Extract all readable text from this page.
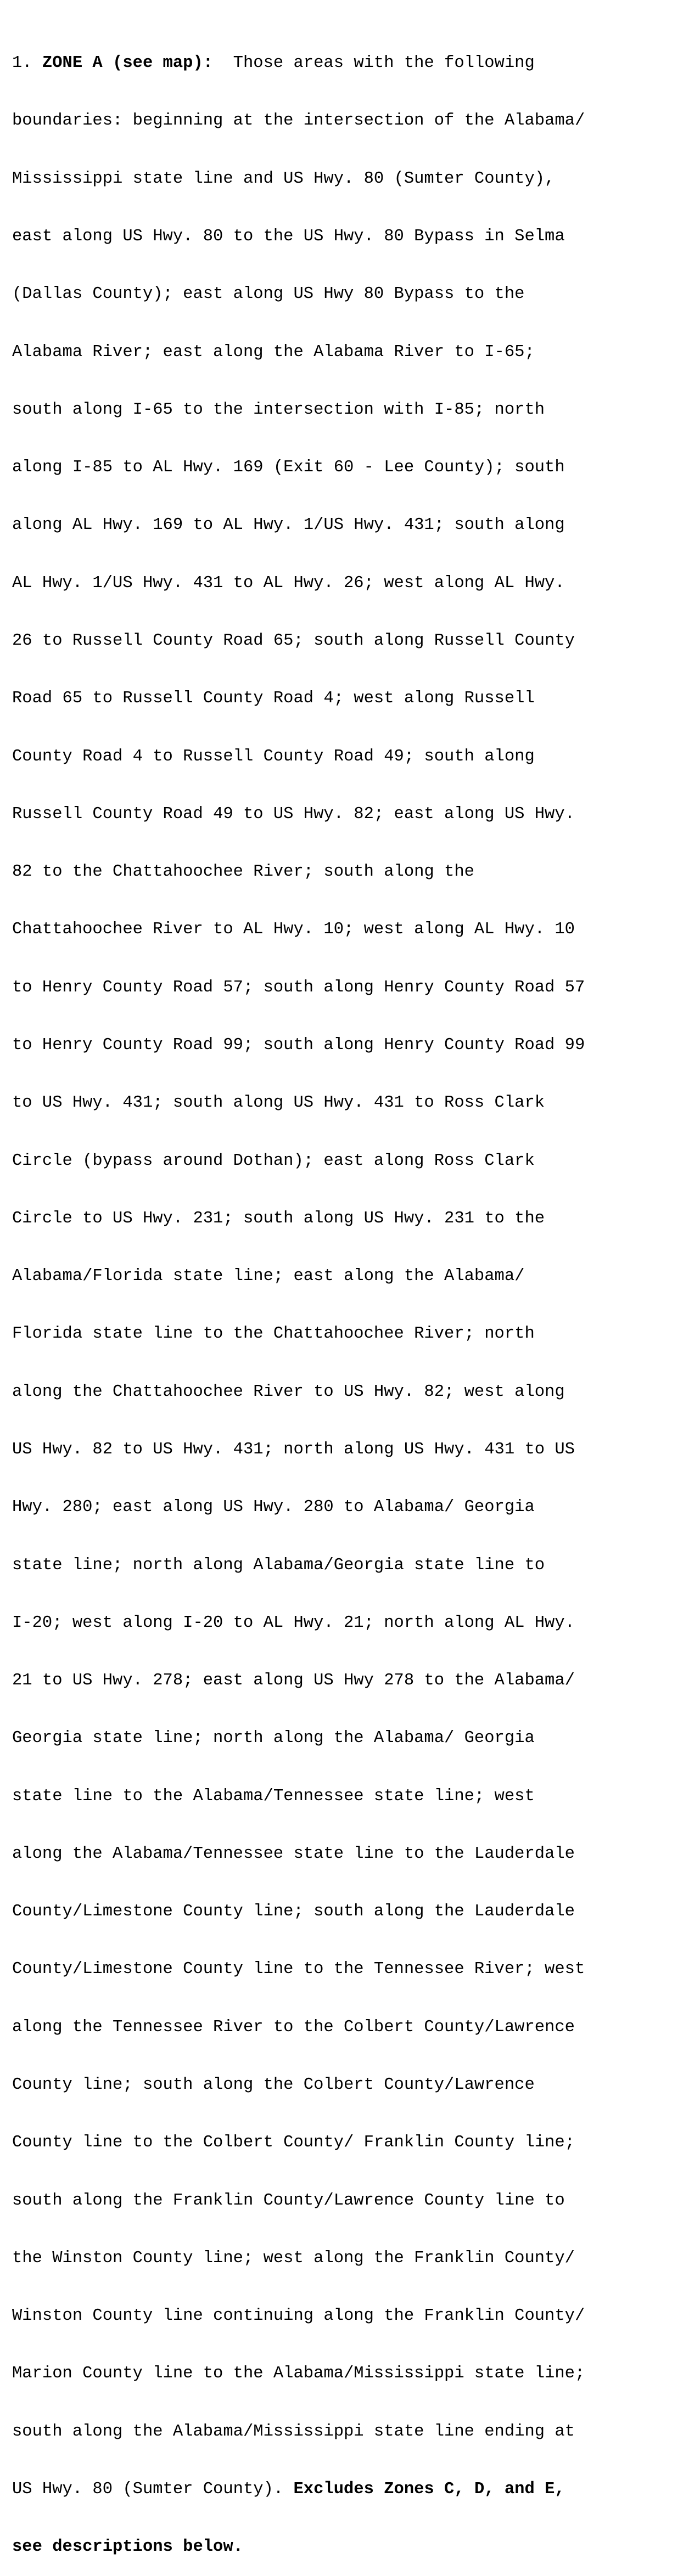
1. ZONE A (see map):  Those areas with the following

boundaries: beginning at the intersection of the Alabama/

Mississippi state line and US Hwy. 80 (Sumter County),

east along US Hwy. 80 to the US Hwy. 80 Bypass in Selma

(Dallas County); east along US Hwy 80 Bypass to the

Alabama River; east along the Alabama River to I-65;

south along I-65 to the intersection with I-85; north

along I-85 to AL Hwy. 169 (Exit 60 - Lee County); south

along AL Hwy. 169 to AL Hwy. 1/US Hwy. 431; south along

AL Hwy. 1/US Hwy. 431 to AL Hwy. 26; west along AL Hwy.

26 to Russell County Road 65; south along Russell County

Road 65 to Russell County Road 4; west along Russell

County Road 4 to Russell County Road 49; south along

Russell County Road 49 to US Hwy. 82; east along US Hwy.

82 to the Chattahoochee River; south along the

Chattahoochee River to AL Hwy. 10; west along AL Hwy. 10

to Henry County Road 57; south along Henry County Road 57

to Henry County Road 99; south along Henry County Road 99

to US Hwy. 431; south along US Hwy. 431 to Ross Clark

Circle (bypass around Dothan); east along Ross Clark

Circle to US Hwy. 231; south along US Hwy. 231 to the

Alabama/Florida state line; east along the Alabama/

Florida state line to the Chattahoochee River; north

along the Chattahoochee River to US Hwy. 82; west along

US Hwy. 82 to US Hwy. 431; north along US Hwy. 431 to US

Hwy. 280; east along US Hwy. 280 to Alabama/ Georgia

state line; north along Alabama/Georgia state line to

I-20; west along I-20 to AL Hwy. 21; north along AL Hwy.

21 to US Hwy. 278; east along US Hwy 278 to the Alabama/

Georgia state line; north along the Alabama/ Georgia

state line to the Alabama/Tennessee state line; west

along the Alabama/Tennessee state line to the Lauderdale

County/Limestone County line; south along the Lauderdale

County/Limestone County line to the Tennessee River; west

along the Tennessee River to the Colbert County/Lawrence

County line; south along the Colbert County/Lawrence

County line to the Colbert County/ Franklin County line;

south along the Franklin County/Lawrence County line to

the Winston County line; west along the Franklin County/

Winston County line continuing along the Franklin County/

Marion County line to the Alabama/Mississippi state line;

south along the Alabama/Mississippi state line ending at

US Hwy. 80 (Sumter County). Excludes Zones C, D, and E,

see descriptions below.
